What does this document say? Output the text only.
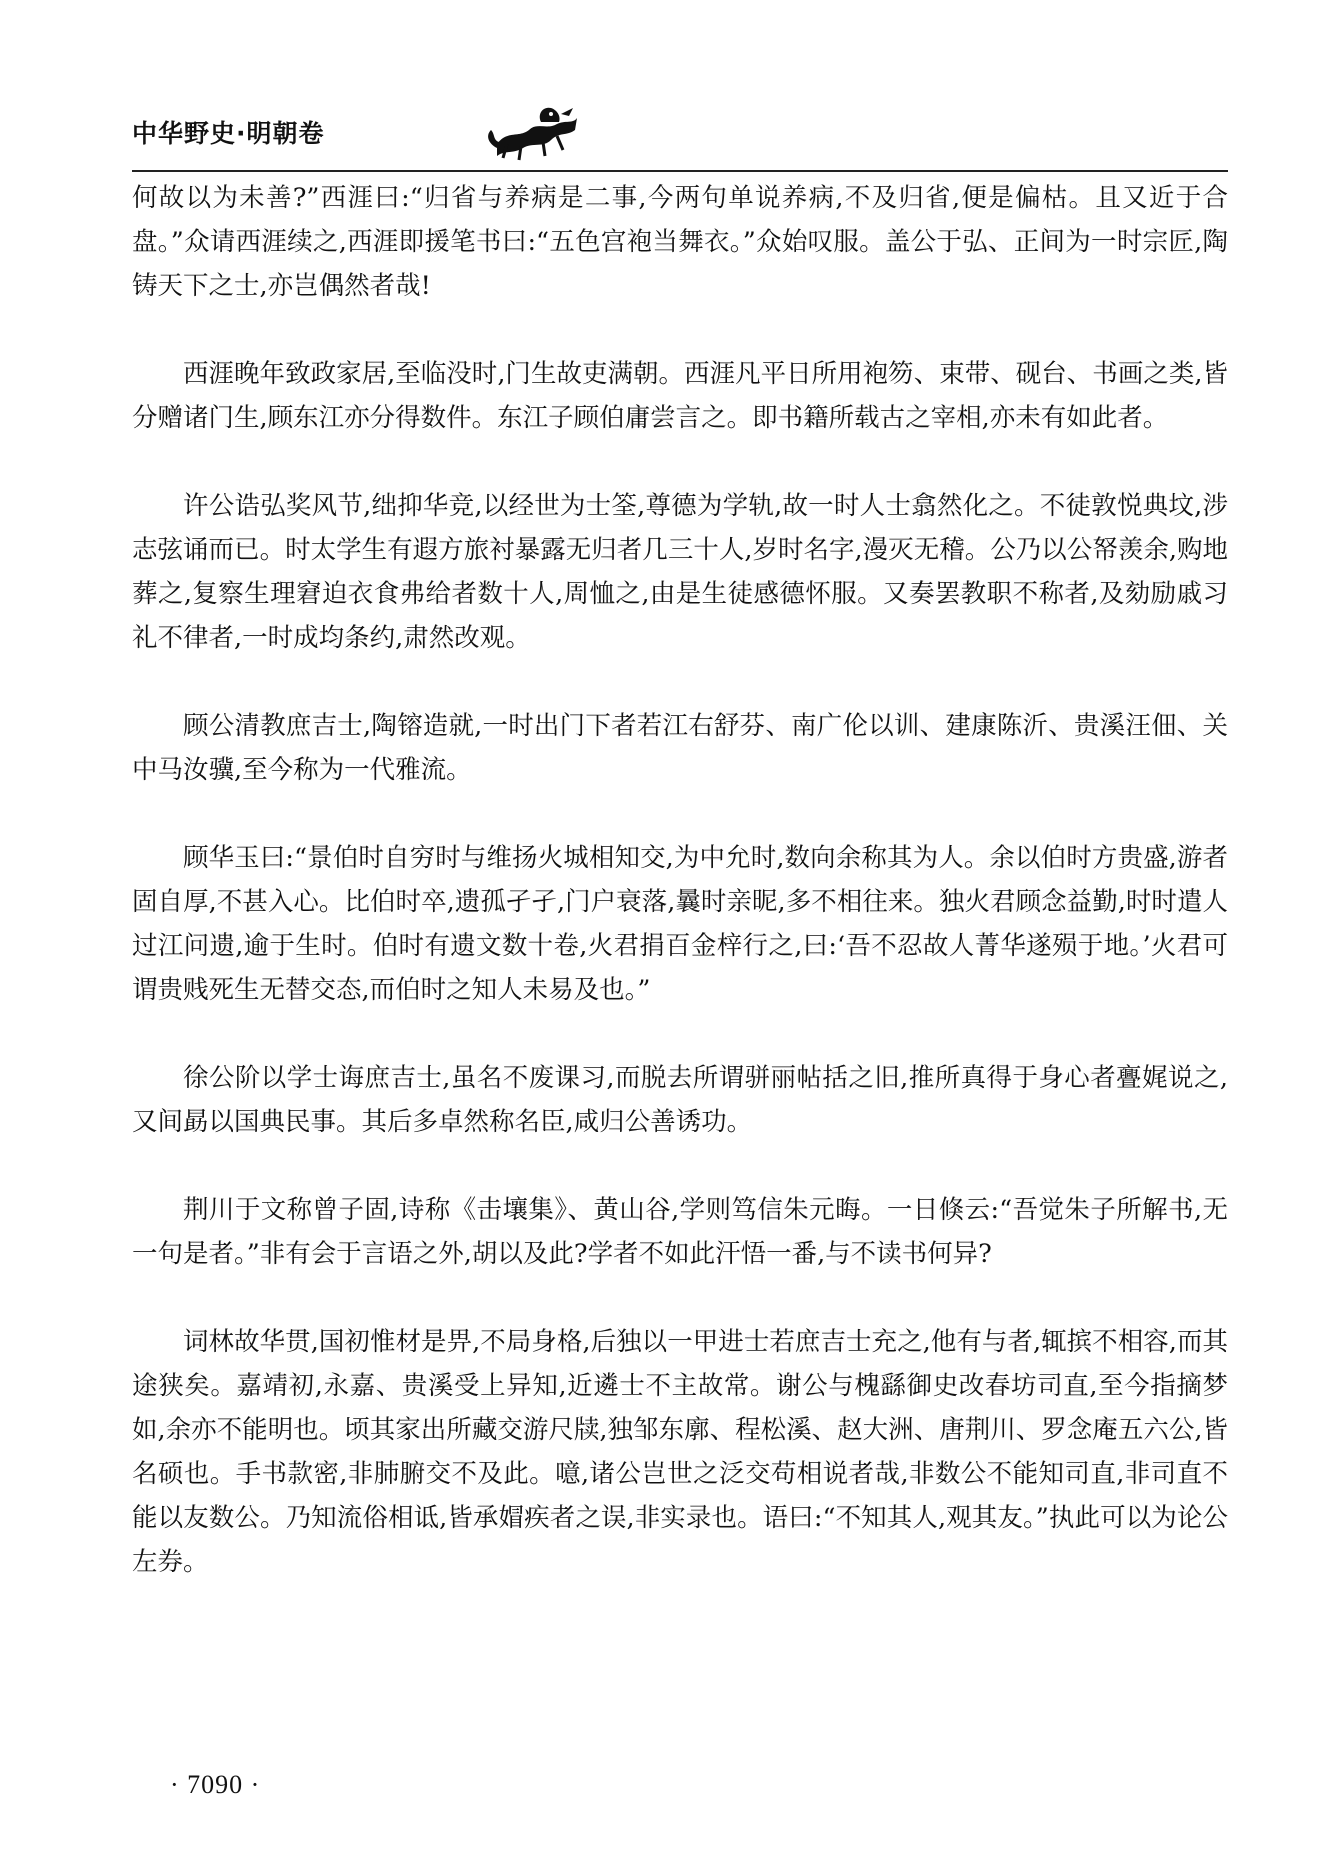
中华野史·明朝卷

何故以为未善?”西涯曰:“归省与养病是二事,今两句单说养病,不及归省,便是偏枯。且又近于合盘。”众请西涯续之,西涯即援笔书曰:“五色宫袍当舞衣。”众始叹服。盖公于弘、正间为一时宗匠,陶铸天下之士,亦岂偶然者哉!

西涯晚年致政家居,至临没时,门生故吏满朝。西涯凡平日所用袍笏、束带、砚台、书画之类,皆分赠诸门生,顾东江亦分得数件。东江子顾伯庸尝言之。即书籍所载古之宰相,亦未有如此者。

许公诰弘奖风节,绌抑华竞,以经世为士筌,尊德为学轨,故一时人士翕然化之。不徒敦悦典坟,涉志弦诵而已。时太学生有遐方旅衬暴露无归者几三十人,岁时名字,漫灭无稽。公乃以公帑羡余,购地葬之,复察生理窘迫衣食弗给者数十人,周恤之,由是生徒感德怀服。又奏罢教职不称者,及劾励戚习礼不律者,一时成均条约,肃然改观。

顾公清教庶吉士,陶镕造就,一时出门下者若江右舒芬、南广伦以训、建康陈沂、贵溪汪佃、关中马汝骥,至今称为一代雅流。

顾华玉曰:“景伯时自穷时与维扬火城相知交,为中允时,数向余称其为人。余以伯时方贵盛,游者固自厚,不甚入心。比伯时卒,遗孤孑孑,门户衰落,曩时亲昵,多不相往来。独火君顾念益勤,时时遣人过江问遗,逾于生时。伯时有遗文数十卷,火君捐百金梓行之,曰:‘吾不忍故人菁华遂殒于地。’火君可谓贵贱死生无替交态,而伯时之知人未易及也。”

徐公阶以学士诲庶吉士,虽名不废课习,而脱去所谓骈丽帖括之旧,推所真得于身心者亹娓说之,又间勗以国典民事。其后多卓然称名臣,咸归公善诱功。

荆川于文称曾子固,诗称《击壤集》、黄山谷,学则笃信朱元晦。一日倏云:“吾觉朱子所解书,无一句是者。”非有会于言语之外,胡以及此?学者不如此汗悟一番,与不读书何异?

词林故华贯,国初惟材是畀,不局身格,后独以一甲进士若庶吉士充之,他有与者,辄摈不相容,而其途狭矣。嘉靖初,永嘉、贵溪受上异知,近遴士不主故常。谢公与槐繇御史改春坊司直,至今指摘梦如,余亦不能明也。顷其家出所藏交游尺牍,独邹东廓、程松溪、赵大洲、唐荆川、罗念庵五六公,皆名硕也。手书款密,非肺腑交不及此。噫,诸公岂世之泛交苟相说者哉,非数公不能知司直,非司直不能以友数公。乃知流俗相诋,皆承媢疾者之误,非实录也。语曰:“不知其人,观其友。”执此可以为论公左券。

· 7090 ·
